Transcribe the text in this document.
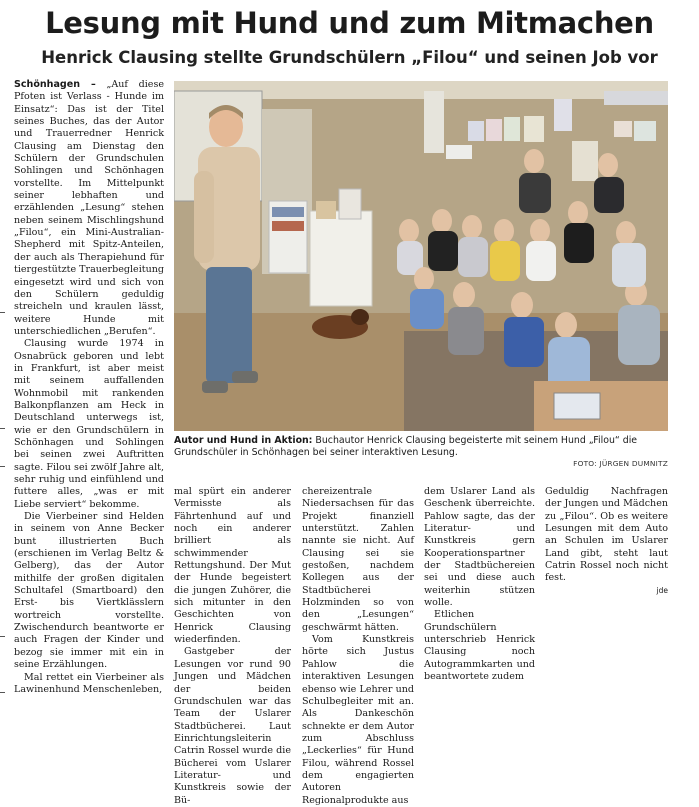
Lesung mit Hund und zum Mitmachen
Henrick Clausing stellte Grundschülern „Filou“ und seinen Job vor

Schönhagen – „Auf diese Pfoten ist Verlass - Hunde im Einsatz“: Das ist der Titel seines Buches, das der Autor und Trauerredner Henrick Clausing am Dienstag den Schülern der Grundschulen Sohlingen und Schönhagen vorstellte. Im Mittelpunkt seiner lebhaften und erzählenden „Lesung“ stehen neben seinem Mischlingshund „Filou“, ein Mini-Australian-Shepherd mit Spitz-Anteilen, der auch als Therapiehund für tiergestützte Trauerbegleitung eingesetzt wird und sich von den Schülern geduldig streicheln und kraulen lässt, weitere Hunde mit unterschiedlichen „Berufen“.

Clausing wurde 1974 in Osnabrück geboren und lebt in Frankfurt, ist aber meist mit seinem auffallenden Wohnmobil mit rankenden Balkonpflanzen am Heck in Deutschland unterwegs ist, wie er den Grundschülern in Schönhagen und Sohlingen bei seinen zwei Auftritten sagte. Filou sei zwölf Jahre alt, sehr ruhig und einfühlend und futtere alles, „was er mit Liebe serviert“ bekomme.

Die Vierbeiner sind Helden in seinem von Anne Becker bunt illustrierten Buch (erschienen im Verlag Beltz & Gelberg), das der Autor mithilfe der großen digitalen Schultafel (Smartboard) den Erst- bis Viertklässlern wortreich vorstellte. Zwischendurch beantworte er auch Fragen der Kinder und bezog sie immer mit ein in seine Erzählungen.

Mal rettet ein Vierbeiner als Lawinenhund Menschenleben,

Autor und Hund in Aktion: Buchautor Henrick Clausing begeisterte mit seinem Hund „Filou“ die Grundschüler in Schönhagen bei seiner interaktiven Lesung.
FOTO: JÜRGEN DUMNITZ

mal spürt ein anderer Vermisste als Fährtenhund auf und noch ein anderer brilliert als schwimmender Rettungshund. Der Mut der Hunde begeistert die jungen Zuhörer, die sich mitunter in den Geschichten von Henrick Clausing wiederfinden.

Gastgeber der Lesungen vor rund 90 Jungen und Mädchen der beiden Grundschulen war das Team der Uslarer Stadtbücherei. Laut Einrichtungsleiterin Catrin Rossel wurde die Bücherei vom Uslarer Literatur- und Kunstkreis sowie der Bü-

chereizentrale Niedersachsen für das Projekt finanziell unterstützt. Zahlen nannte sie nicht. Auf Clausing sei sie gestoßen, nachdem Kollegen aus der Stadtbücherei Holzminden so von den „Lesungen“ geschwärmt hätten.

Vom Kunstkreis hörte sich Justus Pahlow die interaktiven Lesungen ebenso wie Lehrer und Schulbegleiter mit an. Als Dankeschön schnekte er dem Autor zum Abschluss „Leckerlies“ für Hund Filou, während Rossel dem engagierten Autoren Regionalprodukte aus

dem Uslarer Land als Geschenk überreichte. Pahlow sagte, das der Literatur- und Kunstkreis gern Kooperationspartner der Stadtbüchereien sei und diese auch weiterhin stützen wolle.

Etlichen Grundschülern unterschrieb Henrick Clausing noch Autogrammkarten und beantwortete zudem

Geduldig Nachfragen der Jungen und Mädchen zu „Filou“. Ob es weitere Lesungen mit dem Auto an Schulen im Uslarer Land gibt, steht laut Catrin Rossel noch nicht fest.

jde
